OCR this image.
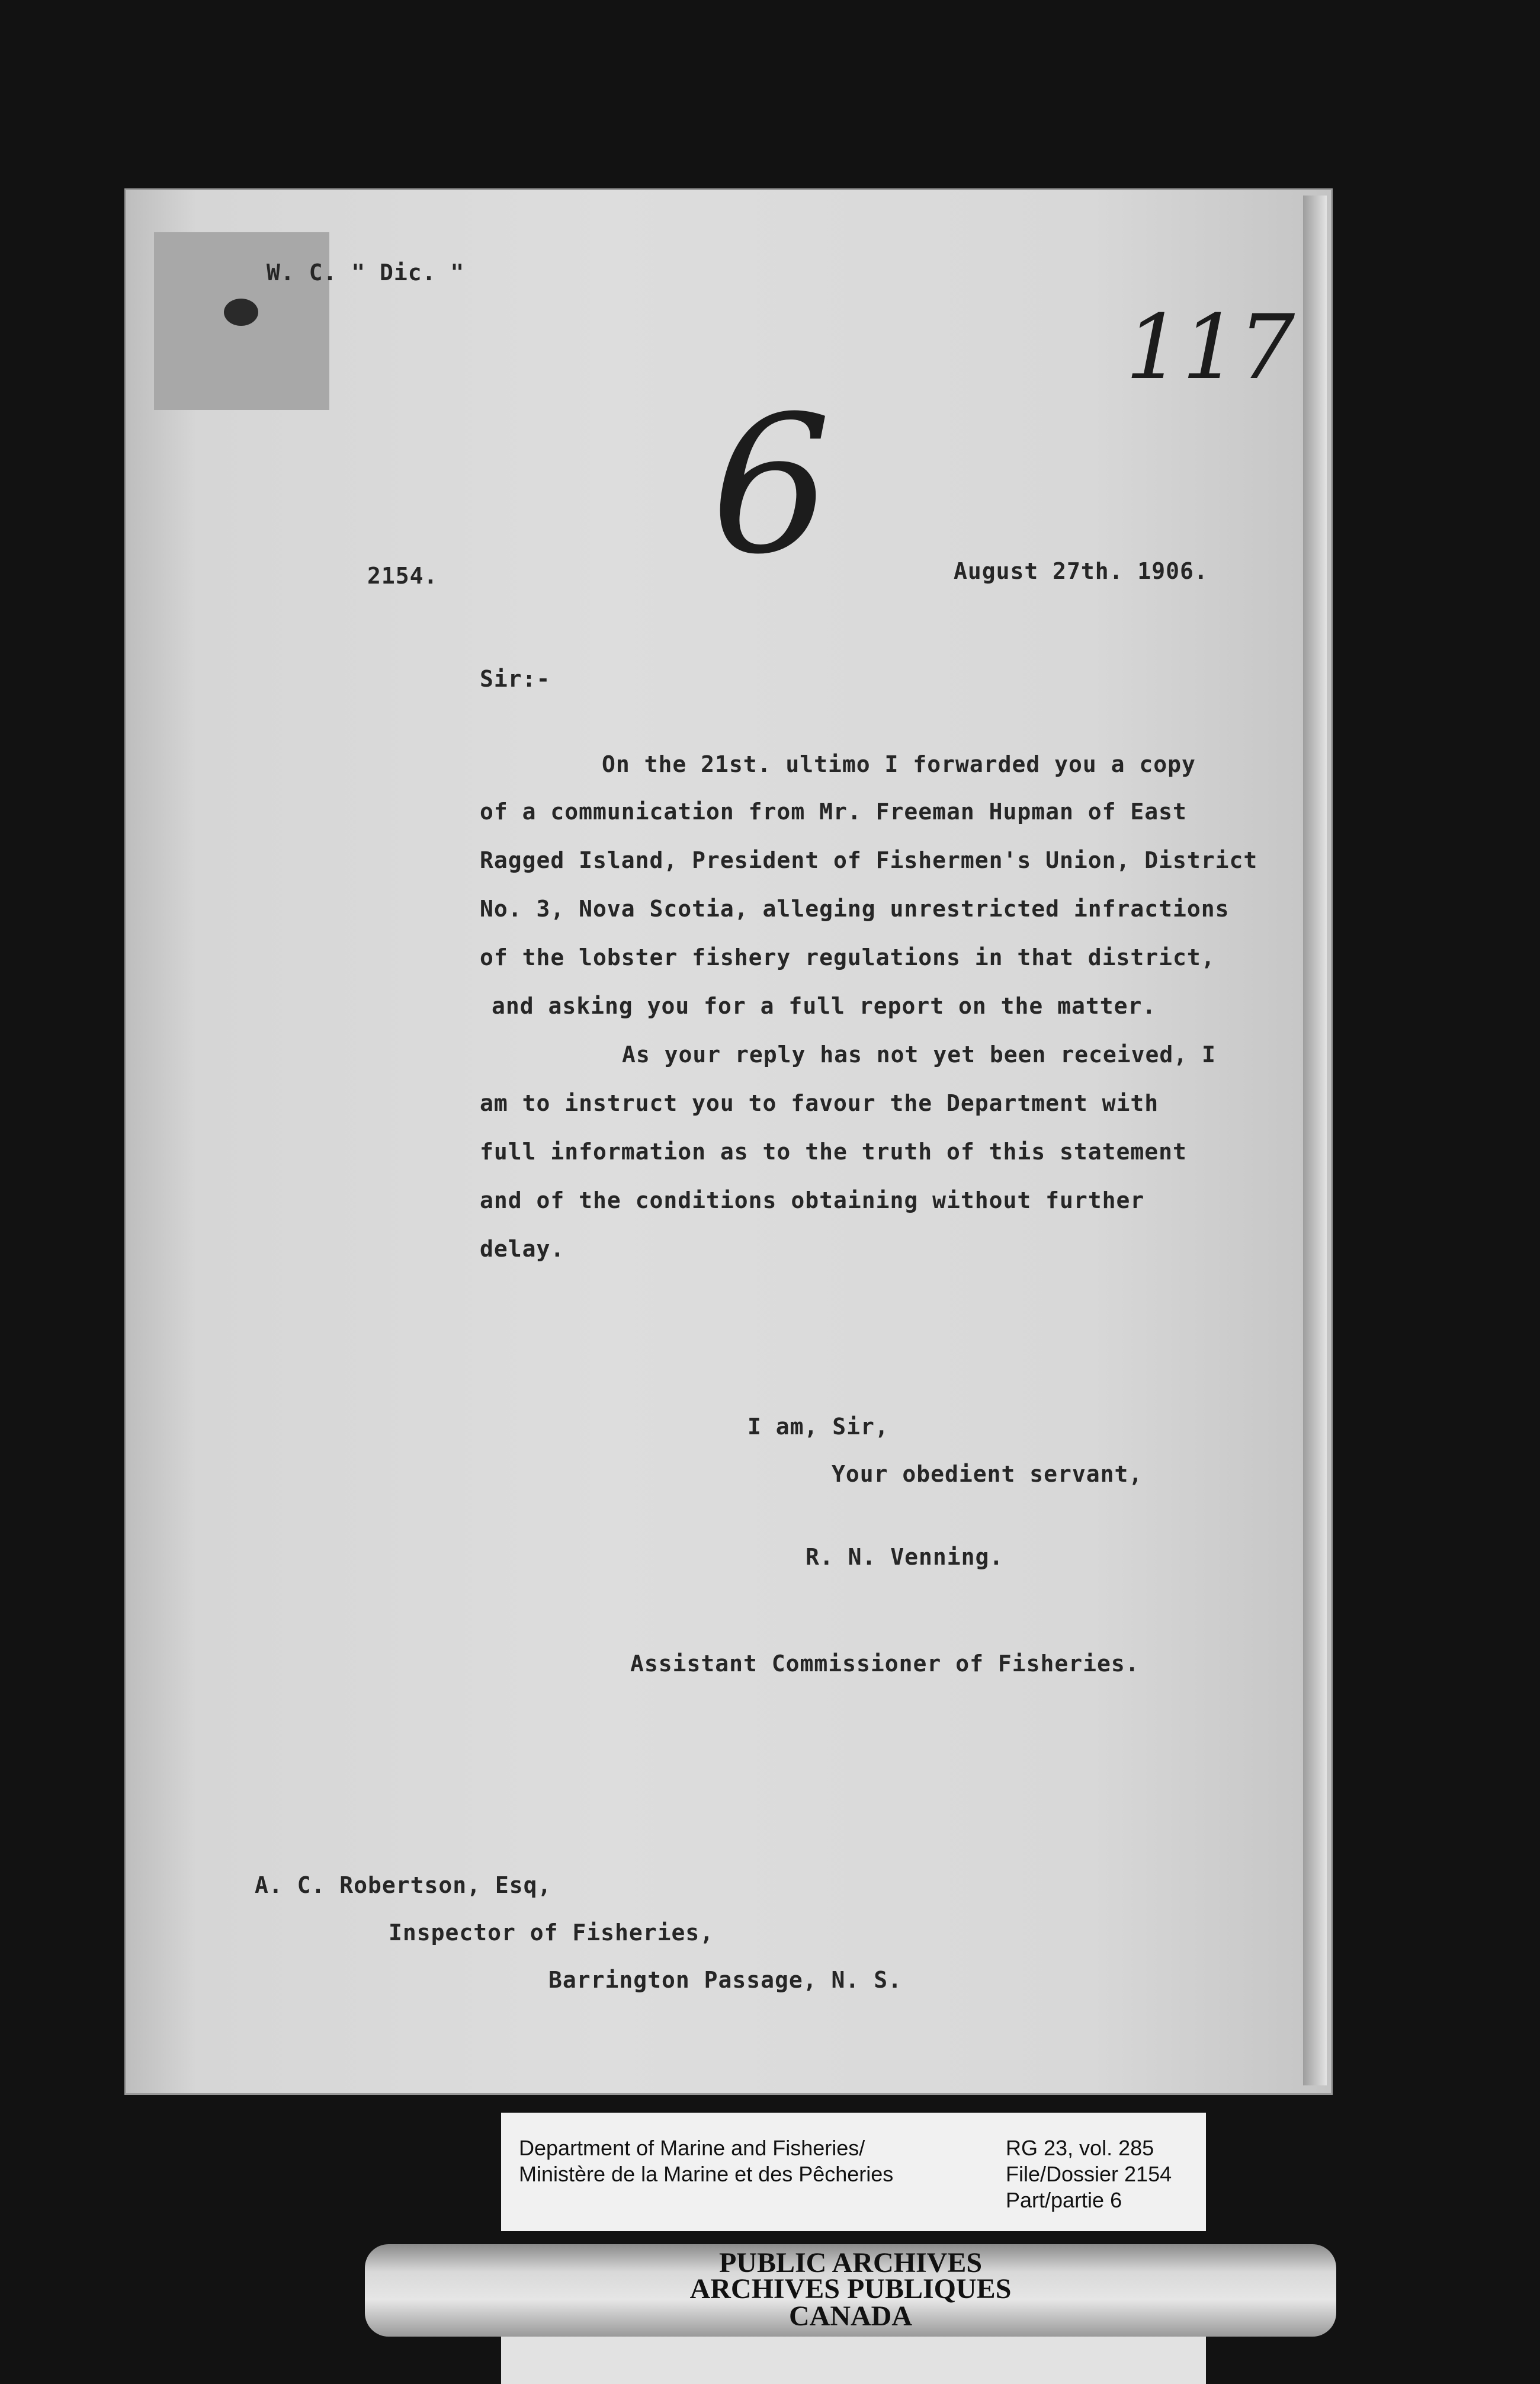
W. C. " Dic. "
117
6
2154.	August 27th. 1906.
Sir:-
On the 21st. ultimo I forwarded you a copy
of a communication from Mr. Freeman Hupman of East
Ragged Island, President of Fishermen's Union, District
No. 3, Nova Scotia, alleging unrestricted infractions
of the lobster fishery regulations in that district,
and asking you for a full report on the matter.
As your reply has not yet been received, I
am to instruct you to favour the Department with
full information as to the truth of this statement
and of the conditions obtaining without further
delay.
I am, Sir,
Your obedient servant,
R. N. Venning.
Assistant Commissioner of Fisheries.
A. C. Robertson, Esq,
Inspector of Fisheries,
Barrington Passage, N. S.
Department of Marine and Fisheries/
Ministère de la Marine et des Pêcheries
RG 23, vol. 285
File/Dossier 2154
Part/partie 6
PUBLIC ARCHIVES
ARCHIVES PUBLIQUES
CANADA
